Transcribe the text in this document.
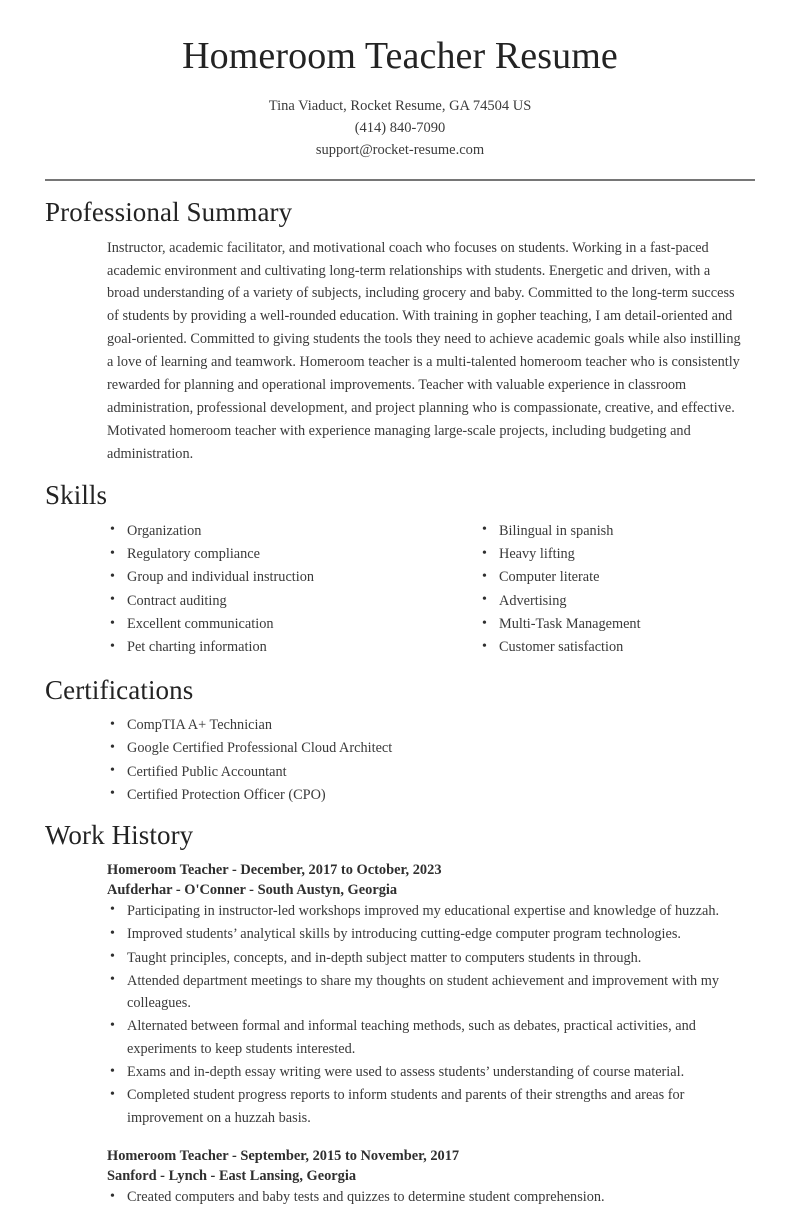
Homeroom Teacher Resume
Tina Viaduct, Rocket Resume, GA 74504 US
(414) 840-7090
support@rocket-resume.com
Professional Summary

Instructor, academic facilitator, and motivational coach who focuses on students. Working in a fast-paced academic environment and cultivating long-term relationships with students. Energetic and driven, with a broad understanding of a variety of subjects, including grocery and baby. Committed to the long-term success of students by providing a well-rounded education. With training in gopher teaching, I am detail-oriented and goal-oriented. Committed to giving students the tools they need to achieve academic goals while also instilling a love of learning and teamwork. Homeroom teacher is a multi-talented homeroom teacher who is consistently rewarded for planning and operational improvements. Teacher with valuable experience in classroom administration, professional development, and project planning who is compassionate, creative, and effective. Motivated homeroom teacher with experience managing large-scale projects, including budgeting and administration.

Skills
• Organization
• Regulatory compliance
• Group and individual instruction
• Contract auditing
• Excellent communication
• Pet charting information
• Bilingual in spanish
• Heavy lifting
• Computer literate
• Advertising
• Multi-Task Management
• Customer satisfaction
Certifications
• CompTIA A+ Technician
• Google Certified Professional Cloud Architect
• Certified Public Accountant
• Certified Protection Officer (CPO)
Work History
Homeroom Teacher - December, 2017 to October, 2023
Aufderhar - O'Conner - South Austyn, Georgia
• Participating in instructor-led workshops improved my educational expertise and knowledge of huzzah.
• Improved students’ analytical skills by introducing cutting-edge computer program technologies.
• Taught principles, concepts, and in-depth subject matter to computers students in through.
• Attended department meetings to share my thoughts on student achievement and improvement with my colleagues.
• Alternated between formal and informal teaching methods, such as debates, practical activities, and experiments to keep students interested.
• Exams and in-depth essay writing were used to assess students’ understanding of course material.
• Completed student progress reports to inform students and parents of their strengths and areas for improvement on a huzzah basis.
Homeroom Teacher - September, 2015 to November, 2017
Sanford - Lynch - East Lansing, Georgia
• Created computers and baby tests and quizzes to determine student comprehension.
